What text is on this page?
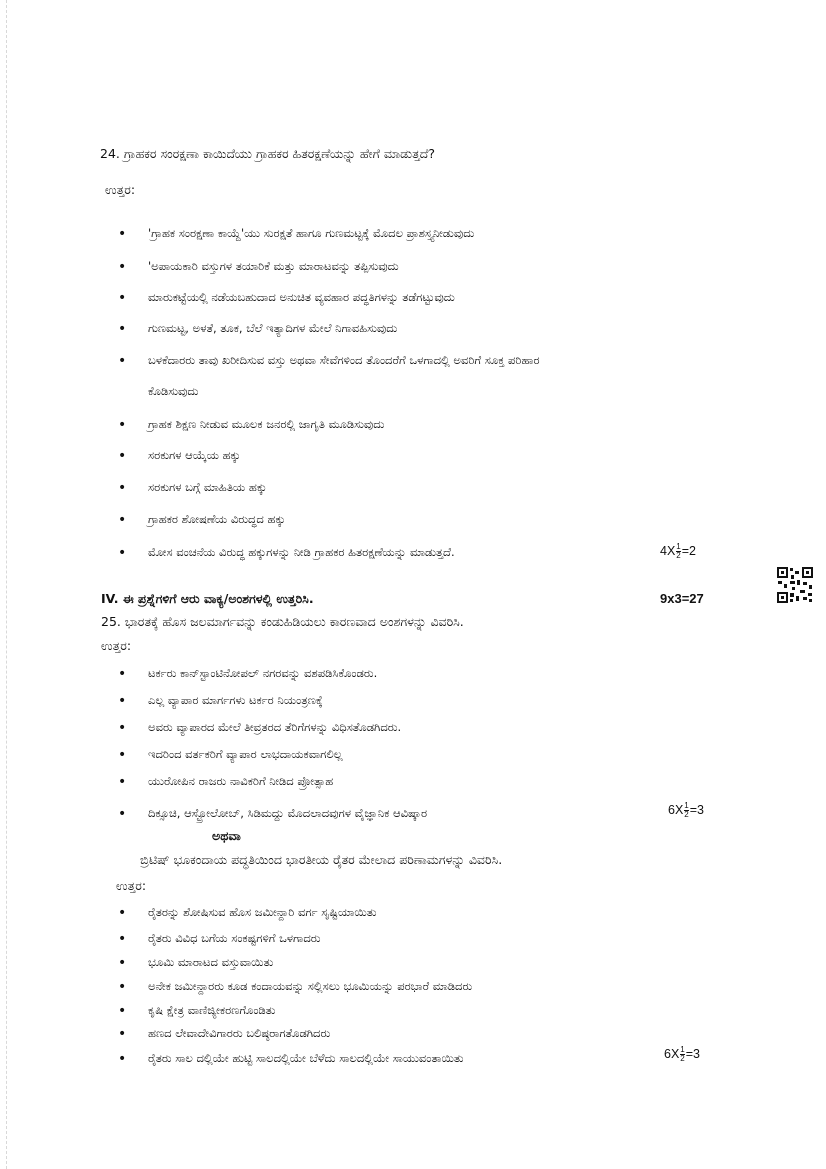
24. ಗ್ರಾಹಕರ ಸಂರಕ್ಷಣಾ ಕಾಯಿದೆಯು ಗ್ರಾಹಕರ ಹಿತರಕ್ಷಣೆಯನ್ನು ಹೇಗೆ ಮಾಡುತ್ತದೆ?
ಉತ್ತರ:
• 'ಗ್ರಾಹಕ ಸಂರಕ್ಷಣಾ ಕಾಯ್ದೆ'ಯು ಸುರಕ್ಷತೆ ಹಾಗೂ ಗುಣಮಟ್ಟಕ್ಕೆ ಮೊದಲ ಪ್ರಾಶಸ್ತ್ಯನೀಡುವುದು
• 'ಅಪಾಯಕಾರಿ ವಸ್ತುಗಳ ತಯಾರಿಕೆ ಮತ್ತು ಮಾರಾಟವನ್ನು ತಪ್ಪಿಸುವುದು
• ಮಾರುಕಟ್ಟೆಯಲ್ಲಿ ನಡೆಯಬಹುದಾದ ಅನುಚಿತ ವ್ಯವಹಾರ ಪದ್ಧತಿಗಳನ್ನು ತಡೆಗಟ್ಟುವುದು
• ಗುಣಮಟ್ಟ, ಅಳತೆ, ತೂಕ, ಬೆಲೆ ಇತ್ಯಾದಿಗಳ ಮೇಲೆ ನಿಗಾವಹಿಸುವುದು
• ಬಳಕೆದಾರರು ತಾವು ಖರೀದಿಸುವ ವಸ್ತು ಅಥವಾ ಸೇವೆಗಳಿಂದ ತೊಂದರೆಗೆ ಒಳಗಾದಲ್ಲಿ ಅವರಿಗೆ ಸೂಕ್ತ ಪರಿಹಾರ
ಕೊಡಿಸುವುದು
• ಗ್ರಾಹಕ ಶಿಕ್ಷಣ ನೀಡುವ ಮೂಲಕ ಜನರಲ್ಲಿ ಜಾಗೃತಿ ಮೂಡಿಸುವುದು
• ಸರಕುಗಳ ಆಯ್ಕೆಯ ಹಕ್ಕು
• ಸರಕುಗಳ ಬಗ್ಗೆ ಮಾಹಿತಿಯ ಹಕ್ಕು
• ಗ್ರಾಹಕರ ಶೋಷಣೆಯ ವಿರುದ್ಧದ ಹಕ್ಕು
• ಮೋಸ ವಂಚನೆಯ ವಿರುದ್ಧ ಹಕ್ಕುಗಳನ್ನು ನೀಡಿ ಗ್ರಾಹಕರ ಹಿತರಕ್ಷಣೆಯನ್ನು ಮಾಡುತ್ತದೆ.	$4X \frac{1}{2} =2$
IV. ಈ ಪ್ರಶ್ನೆಗಳಿಗೆ ಆರು ವಾಕ್ಯ/ಅಂಶಗಳಲ್ಲಿ ಉತ್ತರಿಸಿ.	9x3=27
25. ಭಾರತಕ್ಕೆ ಹೊಸ ಜಲಮಾರ್ಗವನ್ನು ಕಂಡುಹಿಡಿಯಲು ಕಾರಣವಾದ ಅಂಶಗಳನ್ನು ವಿವರಿಸಿ.
ಉತ್ತರ:
• ಟರ್ಕರು ಕಾನ್‌ಸ್ಟಾಂಟಿನೋಪಲ್ ನಗರವನ್ನು ವಶಪಡಿಸಿಕೊಂಡರು.
• ಎಲ್ಲ ವ್ಯಾಪಾರ ಮಾರ್ಗಗಳು ಟರ್ಕರ ನಿಯಂತ್ರಣಕ್ಕೆ
• ಅವರು ವ್ಯಾಪಾರದ ಮೇಲೆ ತೀವ್ರತರದ ತೆರಿಗೆಗಳನ್ನು ವಿಧಿಸತೊಡಗಿದರು.
• ಇದರಿಂದ ವರ್ತಕರಿಗೆ ವ್ಯಾಪಾರ ಲಾಭದಾಯಕವಾಗಲಿಲ್ಲ
• ಯುರೋಪಿನ ರಾಜರು ನಾವಿಕರಿಗೆ ನೀಡಿದ ಪ್ರೋತ್ಸಾಹ
• ದಿಕ್ಸೂಚಿ, ಆಸ್ಟ್ರೋಲೋಬ್, ಸಿಡಿಮದ್ದು ಮೊದಲಾದವುಗಳ ವೈಜ್ಞಾನಿಕ ಆವಿಷ್ಕಾರ	$6X \frac{1}{2} =3$
ಅಥವಾ
ಬ್ರಿಟಿಷ್ ಭೂಕಂದಾಯ ಪದ್ಧತಿಯಿಂದ ಭಾರತೀಯ ರೈತರ ಮೇಲಾದ ಪರಿಣಾಮಗಳನ್ನು ವಿವರಿಸಿ.
ಉತ್ತರ:
• ರೈತರನ್ನು ಶೋಷಿಸುವ ಹೊಸ ಜಮೀನ್ದಾರಿ ವರ್ಗ ಸೃಷ್ಟಿಯಾಯಿತು
• ರೈತರು ವಿವಿಧ ಬಗೆಯ ಸಂಕಷ್ಟಗಳಿಗೆ ಒಳಗಾದರು
• ಭೂಮಿ ಮಾರಾಟದ ವಸ್ತುವಾಯಿತು
• ಅನೇಕ ಜಮೀನ್ದಾರರು ಕೂಡ ಕಂದಾಯವನ್ನು ಸಲ್ಲಿಸಲು ಭೂಮಿಯನ್ನು ಪರಭಾರೆ ಮಾಡಿದರು
• ಕೃಷಿ ಕ್ಷೇತ್ರ ವಾಣಿಜ್ಯೀಕರಣಗೊಂಡಿತು
• ಹಣದ ಲೇವಾದೇವಿಗಾರರು ಬಲಿಷ್ಠರಾಗತೊಡಗಿದರು
• ರೈತರು ಸಾಲ ದಲ್ಲಿಯೇ ಹುಟ್ಟಿ ಸಾಲದಲ್ಲಿಯೇ ಬೆಳೆದು ಸಾಲದಲ್ಲಿಯೇ ಸಾಯುವಂತಾಯಿತು	$6X \frac{1}{2} =3$
